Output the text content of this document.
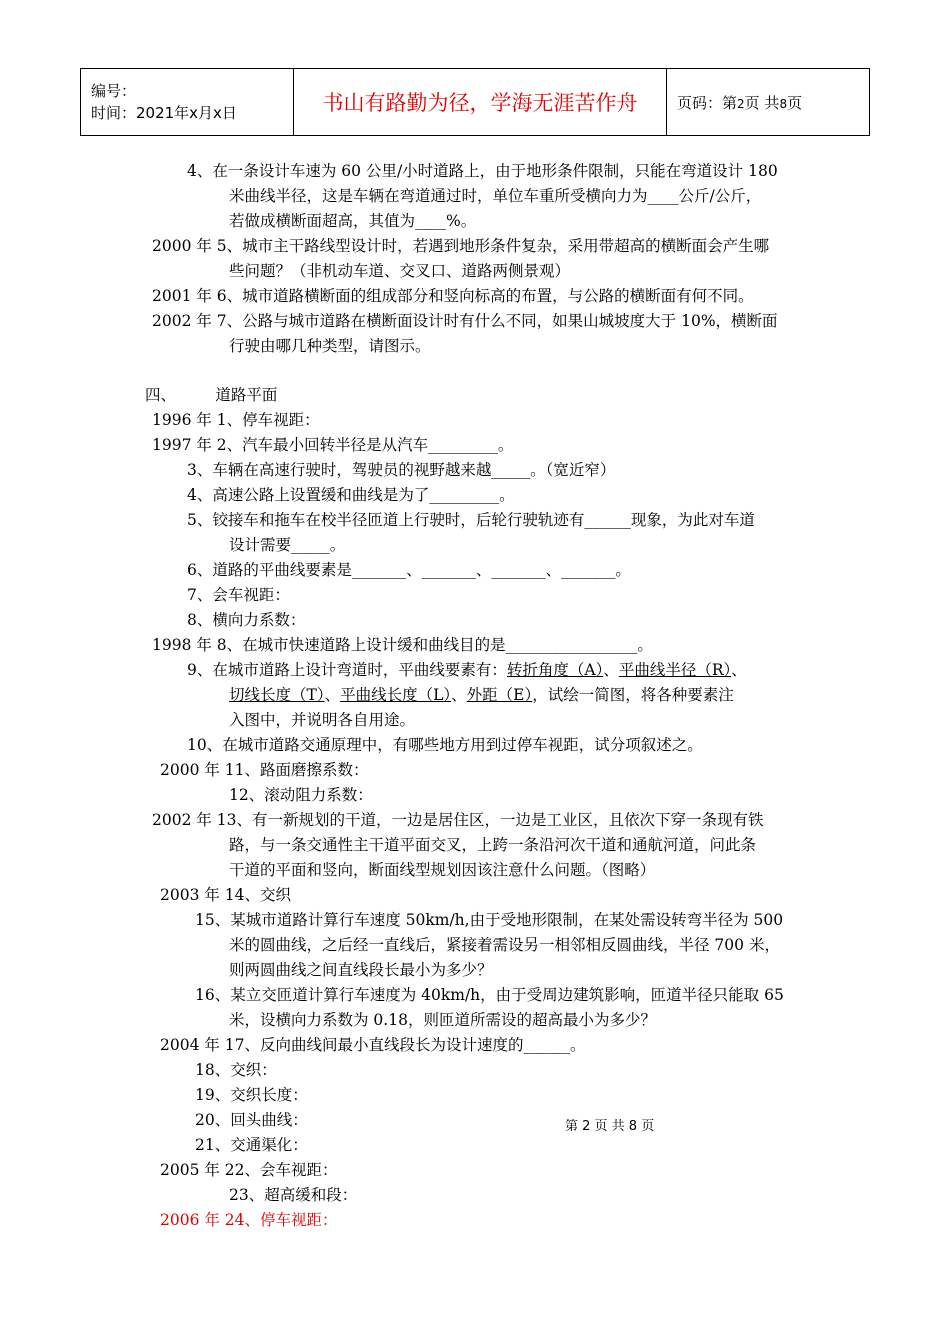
编号：
时间：2021年x月x日	书山有路勤为径，学海无涯苦作舟	页码：第2页 共8页
4、在一条设计车速为 60 公里/小时道路上，由于地形条件限制，只能在弯道设计 180
米曲线半径，这是车辆在弯道通过时，单位车重所受横向力为____公斤/公斤，
若做成横断面超高，其值为____%。
2000 年 5、城市主干路线型设计时，若遇到地形条件复杂，采用带超高的横断面会产生哪
些问题？（非机动车道、交叉口、道路两侧景观）
2001 年 6、城市道路横断面的组成部分和竖向标高的布置，与公路的横断面有何不同。
2002 年 7、公路与城市道路在横断面设计时有什么不同，如果山城坡度大于 10%，横断面
行驶由哪几种类型，请图示。
四、        道路平面
1996 年 1、停车视距：
1997 年 2、汽车最小回转半径是从汽车_________。
3、车辆在高速行驶时，驾驶员的视野越来越_____。（宽近窄）
4、高速公路上设置缓和曲线是为了_________。
5、铰接车和拖车在校半径匝道上行驶时，后轮行驶轨迹有______现象，为此对车道
设计需要_____。
6、道路的平曲线要素是_______、_______、_______、_______。
7、会车视距：
8、横向力系数：
1998 年 8、在城市快速道路上设计缓和曲线目的是_________________。
9、在城市道路上设计弯道时，平曲线要素有：转折角度（A）、平曲线半径（R）、
切线长度（T）、平曲线长度（L）、外距（E），试绘一简图，将各种要素注
入图中，并说明各自用途。
10、在城市道路交通原理中，有哪些地方用到过停车视距，试分项叙述之。
2000 年 11、路面磨擦系数：
12、滚动阻力系数：
2002 年 13、有一新规划的干道，一边是居住区，一边是工业区，且依次下穿一条现有铁
路，与一条交通性主干道平面交叉，上跨一条沿河次干道和通航河道，问此条
干道的平面和竖向，断面线型规划因该注意什么问题。（图略）
2003 年 14、交织
15、某城市道路计算行车速度 50km/h,由于受地形限制，在某处需设转弯半径为 500
米的圆曲线，之后经一直线后，紧接着需设另一相邻相反圆曲线，半径 700 米，
则两圆曲线之间直线段长最小为多少？
16、某立交匝道计算行车速度为 40km/h，由于受周边建筑影响，匝道半径只能取 65
米，设横向力系数为 0.18，则匝道所需设的超高最小为多少？
2004 年 17、反向曲线间最小直线段长为设计速度的______。
18、交织：
19、交织长度：
20、回头曲线：
21、交通渠化：
2005 年 22、会车视距：
23、超高缓和段：
2006 年 24、停车视距：
第 2 页 共 8 页
